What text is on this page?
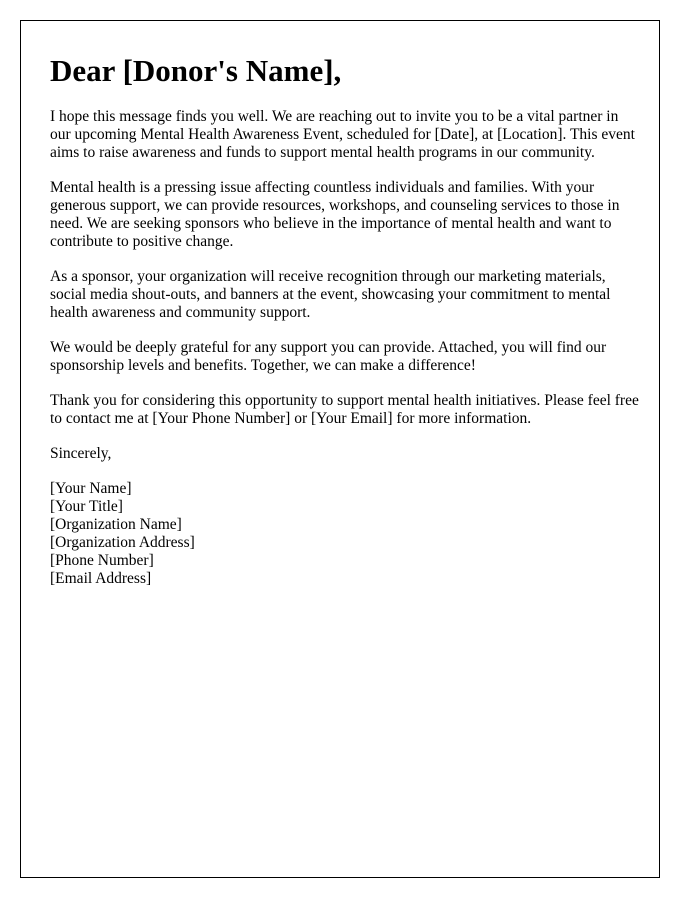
Dear [Donor's Name],

I hope this message finds you well. We are reaching out to invite you to be a vital partner in our upcoming Mental Health Awareness Event, scheduled for [Date], at [Location]. This event aims to raise awareness and funds to support mental health programs in our community.

Mental health is a pressing issue affecting countless individuals and families. With your generous support, we can provide resources, workshops, and counseling services to those in need. We are seeking sponsors who believe in the importance of mental health and want to contribute to positive change.

As a sponsor, your organization will receive recognition through our marketing materials, social media shout-outs, and banners at the event, showcasing your commitment to mental health awareness and community support.

We would be deeply grateful for any support you can provide. Attached, you will find our sponsorship levels and benefits. Together, we can make a difference!

Thank you for considering this opportunity to support mental health initiatives. Please feel free to contact me at [Your Phone Number] or [Your Email] for more information.

Sincerely,

[Your Name]
[Your Title]
[Organization Name]
[Organization Address]
[Phone Number]
[Email Address]
